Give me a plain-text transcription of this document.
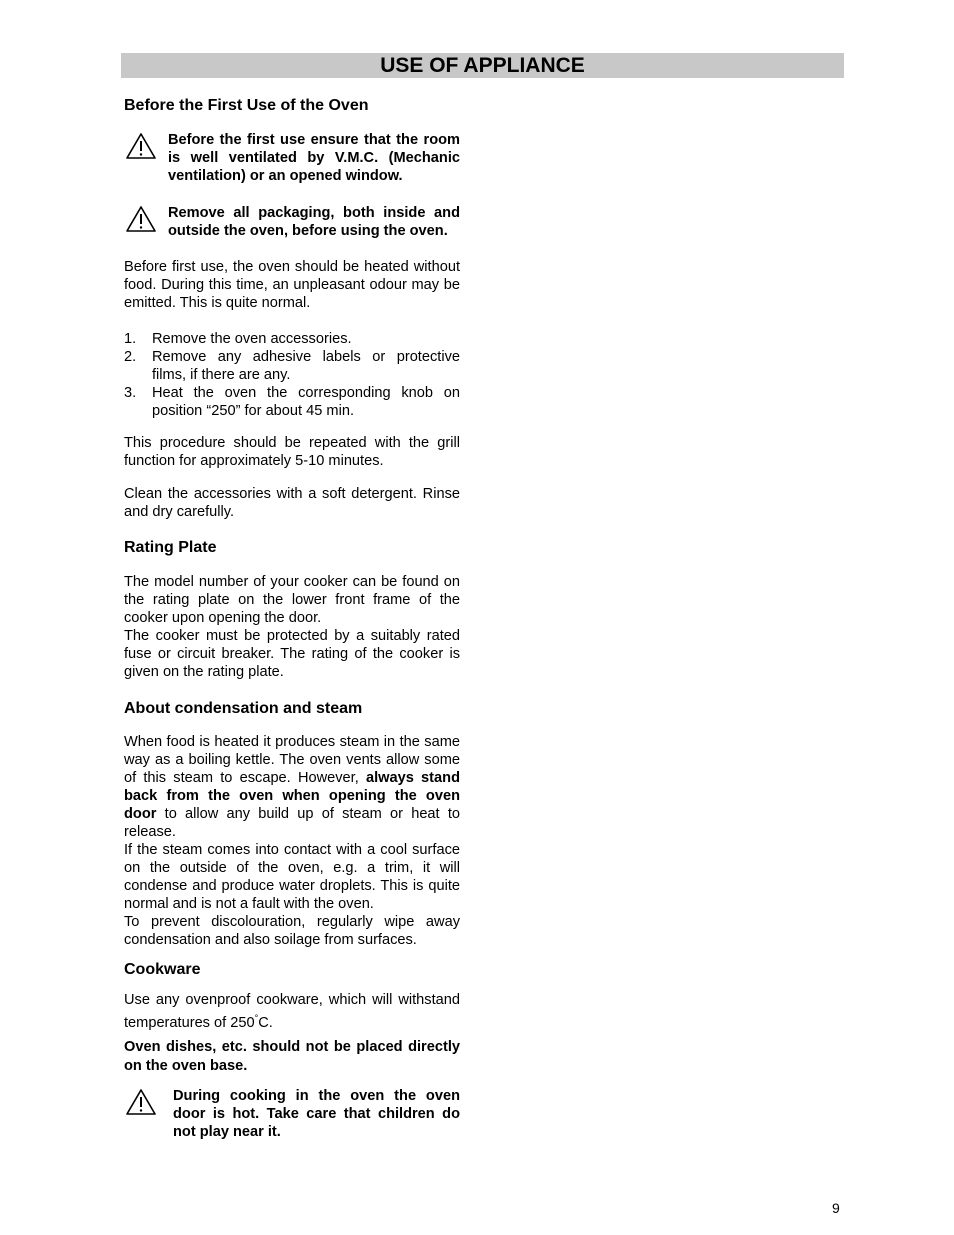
USE OF APPLIANCE
Before the First Use of the Oven
Before the first use ensure that the room is well ventilated by V.M.C. (Mechanic ventilation) or an opened window.
Remove all packaging, both inside and outside the oven, before using the oven.
Before first use, the oven should be heated without food. During this time, an unpleasant odour may be emitted. This is quite normal.
1. Remove the oven accessories.
2. Remove any adhesive labels or protective films, if there are any.
3. Heat the oven the corresponding knob on position “250” for about 45 min.
This procedure should be repeated with the grill function for approximately 5-10 minutes.
Clean the accessories with a soft detergent. Rinse and dry carefully.
Rating Plate

The model number of your cooker can be found on the rating plate on the lower front frame of the cooker upon opening the door.

The cooker must be protected by a suitably rated fuse or circuit breaker. The rating of the cooker is given on the rating plate.

About condensation and steam

When food is heated it produces steam in the same way as a boiling kettle. The oven vents allow some of this steam to escape. However, always stand back from the oven when opening the oven door to allow any build up of steam or heat to release.

If the steam comes into contact with a cool surface on the outside of the oven, e.g. a trim, it will condense and produce water droplets. This is quite normal and is not a fault with the oven.

To prevent discolouration, regularly wipe away condensation and also soilage from surfaces.

Cookware

Use any ovenproof cookware, which will withstand temperatures of 250°C.

Oven dishes, etc. should not be placed directly on the oven base.
During cooking in the oven the oven door is hot. Take care that children do not play near it.
9
